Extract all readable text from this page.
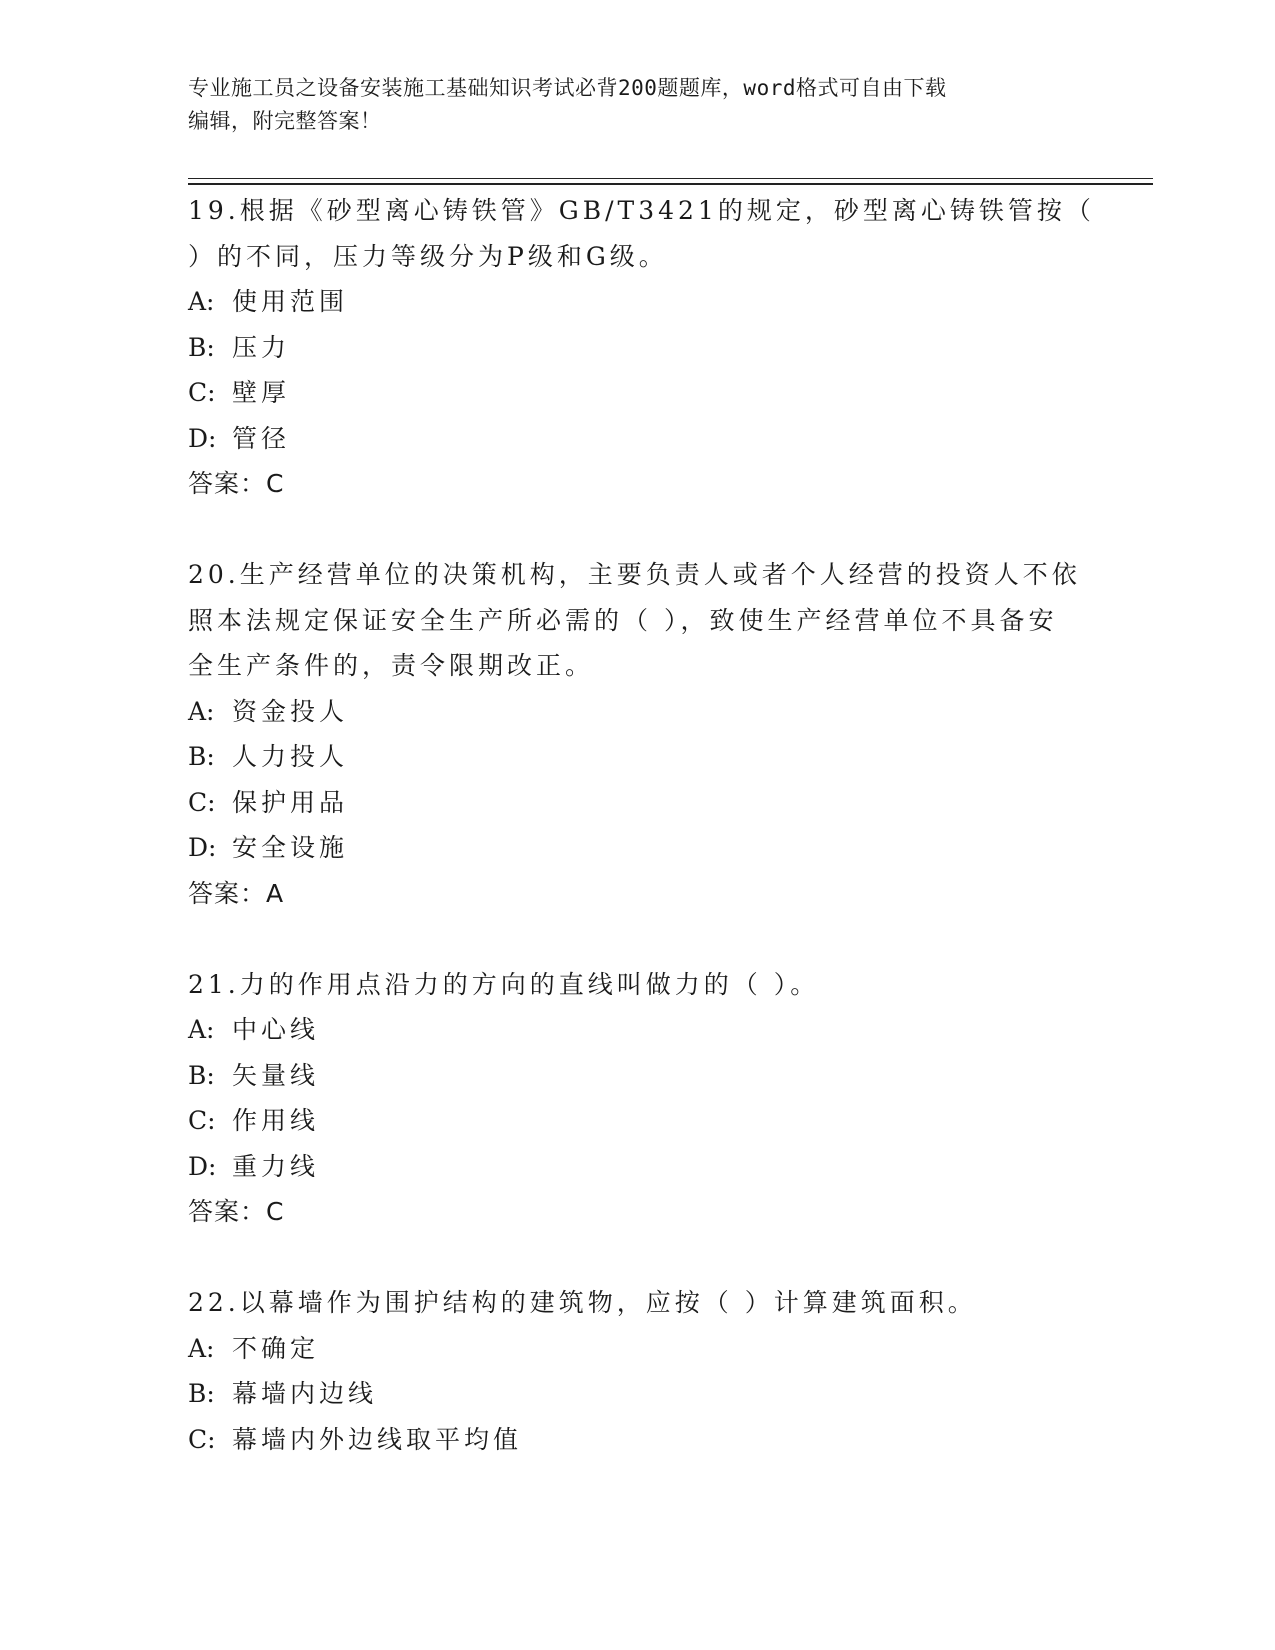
专业施工员之设备安装施工基础知识考试必背200题题库，word格式可自由下载
编辑，附完整答案！
19.根据《砂型离心铸铁管》GB/T3421的规定，砂型离心铸铁管按（
）的不同，压力等级分为P级和G级。
A: 使用范围
B: 压力
C: 壁厚
D: 管径
答案：C
20.生产经营单位的决策机构，主要负责人或者个人经营的投资人不依
照本法规定保证安全生产所必需的（ ），致使生产经营单位不具备安
全生产条件的，责令限期改正。
A: 资金投人
B: 人力投人
C: 保护用品
D: 安全设施
答案：A
21.力的作用点沿力的方向的直线叫做力的（ ）。
A: 中心线
B: 矢量线
C: 作用线
D: 重力线
答案：C
22.以幕墙作为围护结构的建筑物，应按（ ）计算建筑面积。
A: 不确定
B: 幕墙内边线
C: 幕墙内外边线取平均值
